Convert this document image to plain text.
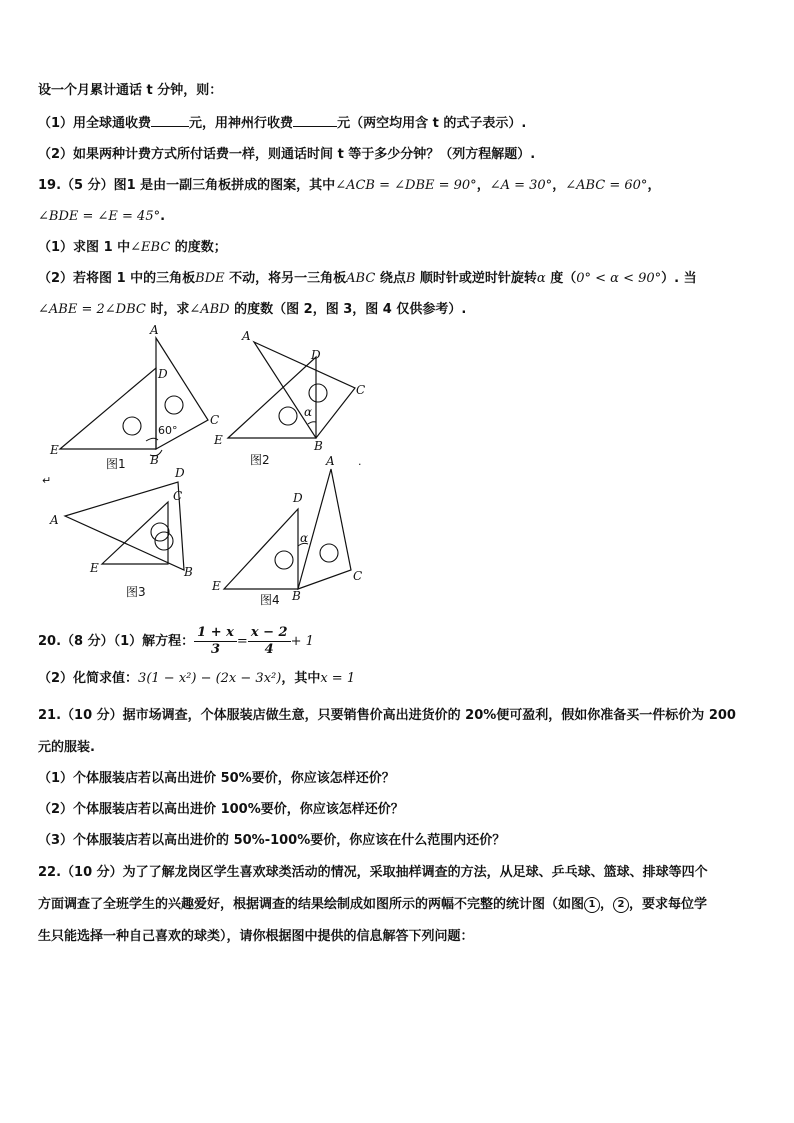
设一个月累计通话 t 分钟，则：
（1）用全球通收费	元，用神州行收费	元（两空均用含 t 的式子表示）.
（2）如果两种计费方式所付话费一样，则通话时间 t 等于多少分钟？（列方程解题）.
19.（5 分）图1 是由一副三角板拼成的图案，其中∠ACB = ∠DBE = 90°，∠A = 30°，∠ABC = 60°，
∠BDE = ∠E = 45°.
（1）求图 1 中∠EBC 的度数；
（2）若将图 1 中的三角板BDE 不动，将另一三角板ABC 绕点B 顺时针或逆时针旋转α 度（0° < α < 90°）. 当
∠ABE = 2∠DBC 时，求∠ABD 的度数（图 2，图 3，图 4 仅供参考）.
A
D
C
E
B
60°
图1
A
D
C
α
E	B
图2	A .
D
α
C
E
B
图4
↵
D
C
A
E	B
图3
20.（8 分）（1）解方程： $\frac{1 + x}{3} = \frac{x - 2}{4} + 1$
（2）化简求值：3(1 − x²) − (2x − 3x²)，其中x = 1
21.（10 分）据市场调查，个体服装店做生意，只要销售价高出进货价的 20%便可盈利，假如你准备买一件标价为 200
元的服装.
（1）个体服装店若以高出进价 50%要价，你应该怎样还价？
（2）个体服装店若以高出进价 100%要价，你应该怎样还价？
（3）个体服装店若以高出进价的 50%-100%要价，你应该在什么范围内还价？
22.（10 分）为了了解龙岗区学生喜欢球类活动的情况，采取抽样调查的方法，从足球、乒乓球、篮球、排球等四个
方面调查了全班学生的兴趣爱好，根据调查的结果绘制成如图所示的两幅不完整的统计图（如图 1 ， 2 ，要求每位学
生只能选择一种自己喜欢的球类），请你根据图中提供的信息解答下列问题：
